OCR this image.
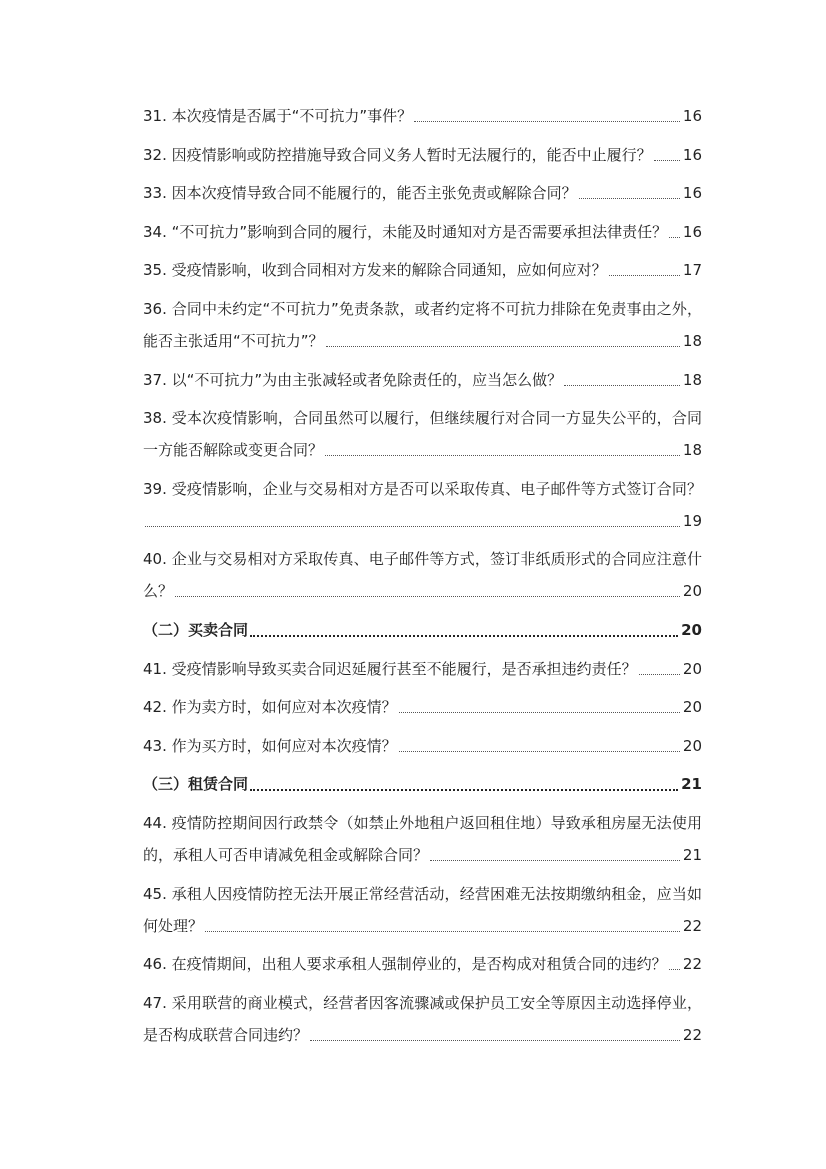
31. 本次疫情是否属于“不可抗力”事件？	16
32. 因疫情影响或防控措施导致合同义务人暂时无法履行的，能否中止履行？ 16
33. 因本次疫情导致合同不能履行的，能否主张免责或解除合同？	16
34. “不可抗力”影响到合同的履行，未能及时通知对方是否需要承担法律责任？ 16
35. 受疫情影响，收到合同相对方发来的解除合同通知，应如何应对？	17
36. 合同中未约定“不可抗力”免责条款，或者约定将不可抗力排除在免责事由之外，
能否主张适用“不可抗力”？	18
37. 以“不可抗力”为由主张减轻或者免除责任的，应当怎么做？	18
38. 受本次疫情影响，合同虽然可以履行，但继续履行对合同一方显失公平的，合同
一方能否解除或变更合同？	18
39. 受疫情影响，企业与交易相对方是否可以采取传真、电子邮件等方式签订合同？
19
40. 企业与交易相对方采取传真、电子邮件等方式，签订非纸质形式的合同应注意什
么？	20
（二）买卖合同	20
41. 受疫情影响导致买卖合同迟延履行甚至不能履行，是否承担违约责任？	20
42. 作为卖方时，如何应对本次疫情？	20
43. 作为买方时，如何应对本次疫情？	20
（三）租赁合同	21
44. 疫情防控期间因行政禁令（如禁止外地租户返回租住地）导致承租房屋无法使用
的，承租人可否申请减免租金或解除合同？	21
45. 承租人因疫情防控无法开展正常经营活动，经营困难无法按期缴纳租金，应当如
何处理？	22
46. 在疫情期间，出租人要求承租人强制停业的，是否构成对租赁合同的违约？ 22
47. 采用联营的商业模式，经营者因客流骤减或保护员工安全等原因主动选择停业，
是否构成联营合同违约？	22
